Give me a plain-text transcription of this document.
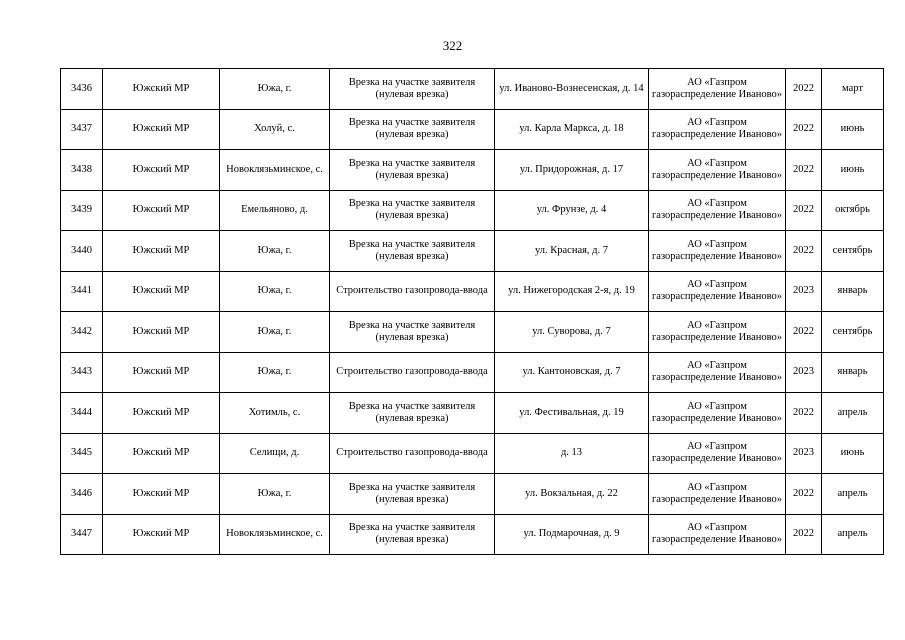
322
3436	Южский МР	Южа, г.	Врезка на участке заявителя (нулевая врезка)	ул. Иваново-Вознесенская, д. 14	АО «Газпром газораспределение Иваново»	2022	март
3437	Южский МР	Холуй, с.	Врезка на участке заявителя (нулевая врезка)	ул. Карла Маркса, д. 18	АО «Газпром газораспределение Иваново»	2022	июнь
3438	Южский МР	Новоклязьминское, с.	Врезка на участке заявителя (нулевая врезка)	ул. Придорожная, д. 17	АО «Газпром газораспределение Иваново»	2022	июнь
3439	Южский МР	Емельяново, д.	Врезка на участке заявителя (нулевая врезка)	ул. Фрунзе, д. 4	АО «Газпром газораспределение Иваново»	2022	октябрь
3440	Южский МР	Южа, г.	Врезка на участке заявителя (нулевая врезка)	ул. Красная, д. 7	АО «Газпром газораспределение Иваново»	2022	сентябрь
3441	Южский МР	Южа, г.	Строительство газопровода-ввода	ул. Нижегородская 2-я, д. 19	АО «Газпром газораспределение Иваново»	2023	январь
3442	Южский МР	Южа, г.	Врезка на участке заявителя (нулевая врезка)	ул. Суворова, д. 7	АО «Газпром газораспределение Иваново»	2022	сентябрь
3443	Южский МР	Южа, г.	Строительство газопровода-ввода	ул. Кантоновская, д. 7	АО «Газпром газораспределение Иваново»	2023	январь
3444	Южский МР	Хотимль, с.	Врезка на участке заявителя (нулевая врезка)	ул. Фестивальная, д. 19	АО «Газпром газораспределение Иваново»	2022	апрель
3445	Южский МР	Селищи, д.	Строительство газопровода-ввода	д. 13	АО «Газпром газораспределение Иваново»	2023	июнь
3446	Южский МР	Южа, г.	Врезка на участке заявителя (нулевая врезка)	ул. Вокзальная, д. 22	АО «Газпром газораспределение Иваново»	2022	апрель
3447	Южский МР	Новоклязьминское, с.	Врезка на участке заявителя (нулевая врезка)	ул. Подмарочная, д. 9	АО «Газпром газораспределение Иваново»	2022	апрель
